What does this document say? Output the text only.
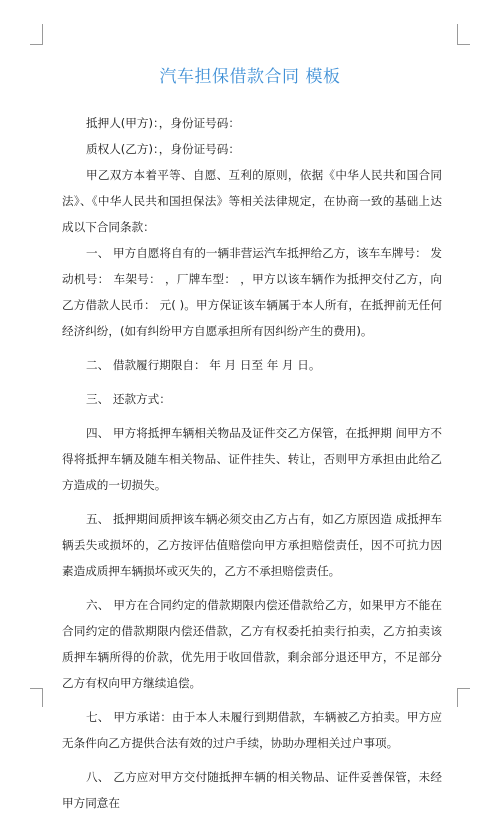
汽车担保借款合同 模板

抵押人(甲方)：，身份证号码：

质权人(乙方)：，身份证号码：

甲乙双方本着平等、自愿、互利的原则，依据《中华人民共和国合同法》、《中华人民共和国担保法》等相关法律规定，在协商一致的基础上达成以下合同条款：

一、 甲方自愿将自有的一辆非营运汽车抵押给乙方，该车车牌号： 发动机号： 车架号： ，厂牌车型： ，甲方以该车辆作为抵押交付乙方，向乙方借款人民币： 元( )。甲方保证该车辆属于本人所有，在抵押前无任何经济纠纷，(如有纠纷甲方自愿承担所有因纠纷产生的费用)。

二、 借款履行期限自： 年 月 日至 年 月 日。

三、 还款方式：

四、 甲方将抵押车辆相关物品及证件交乙方保管，在抵押期 间甲方不得将抵押车辆及随车相关物品、证件挂失、转让，否则甲方承担由此给乙方造成的一切损失。

五、 抵押期间质押该车辆必须交由乙方占有，如乙方原因造 成抵押车辆丢失或损坏的，乙方按评估值赔偿向甲方承担赔偿责任，因不可抗力因素造成质押车辆损坏或灭失的，乙方不承担赔偿责任。

六、 甲方在合同约定的借款期限内偿还借款给乙方，如果甲方不能在合同约定的借款期限内偿还借款，乙方有权委托拍卖行拍卖，乙方拍卖该质押车辆所得的价款，优先用于收回借款，剩余部分退还甲方，不足部分乙方有权向甲方继续追偿。

七、 甲方承诺：由于本人未履行到期借款，车辆被乙方拍卖。甲方应无条件向乙方提供合法有效的过户手续，协助办理相关过户事项。

八、 乙方应对甲方交付随抵押车辆的相关物品、证件妥善保管，未经甲方同意在
